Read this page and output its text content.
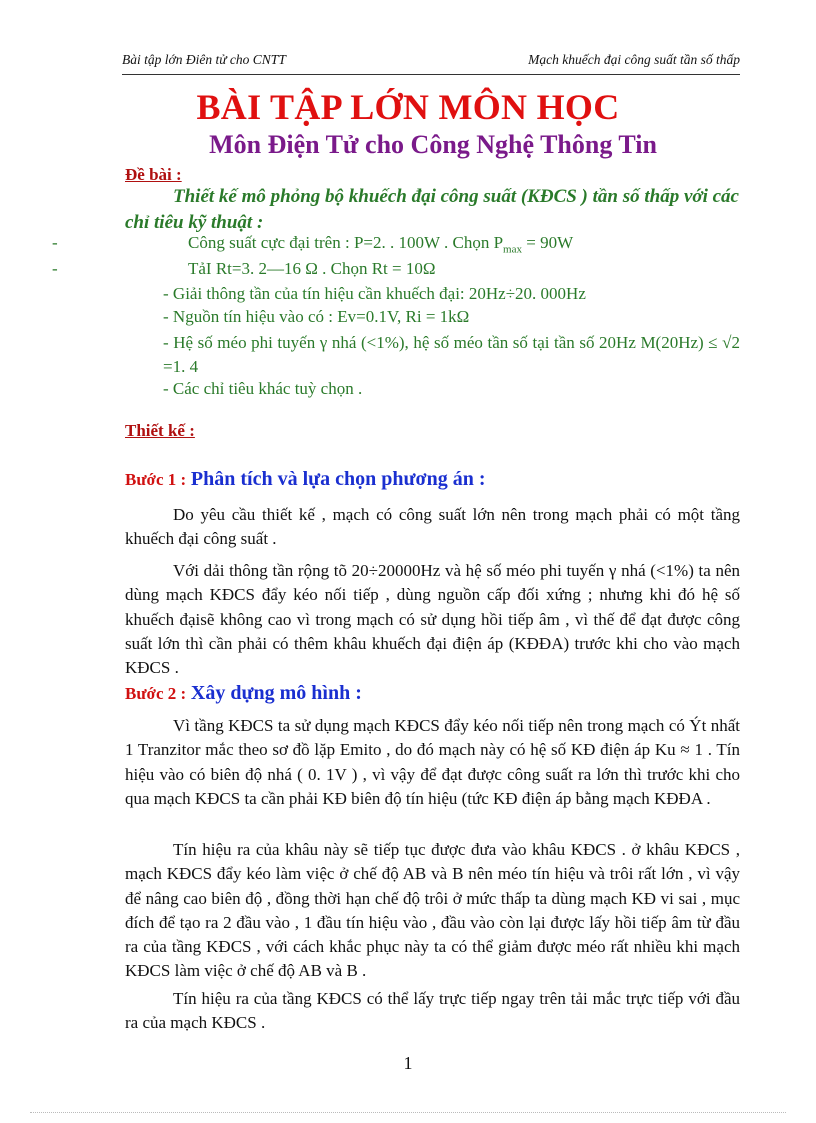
Bài tập lớn Điên tử cho CNTT	Mạch khuếch đại công suất tần số thấp
BÀI TẬP LỚN MÔN HỌC
Môn Điện Tử cho Công Nghệ Thông Tin
Đề bài :
Thiết kế mô phỏng bộ khuếch đại công suất (KĐCS ) tần số thấp với các chỉ tiêu kỹ thuật :
-	Công suất cực đại trên : P=2. . 100W . Chọn $P_{max} = 90W$
-	TảI Rt=3. 2—16 Ω . Chọn Rt = 10Ω
- Giải thông tần của tín hiệu cần khuếch đại: 20Hz÷20. 000Hz
- Nguồn tín hiệu vào có : Ev=0.1V, Ri = 1kΩ
- Hệ số méo phi tuyến γ nhá (<1%), hệ số méo tần số tại tần số 20Hz M(20Hz) ≤ √2 =1. 4
- Các chỉ tiêu khác tuỳ chọn .
Thiết kế :
Bước 1 : Phân tích và lựa chọn phương án :
Do yêu cầu thiết kế , mạch có công suất lớn nên trong mạch phải có một tầng khuếch đại công suất .
Với dải thông tần rộng tõ 20÷20000Hz và hệ số méo phi tuyến γ nhá (<1%) ta nên dùng mạch KĐCS đẩy kéo nối tiếp , dùng nguồn cấp đối xứng ; nhưng khi đó hệ số khuếch đạisẽ không cao vì trong mạch có sử dụng hồi tiếp âm , vì thế để đạt được công suất lớn thì cần phải có thêm khâu khuếch đại điện áp (KĐĐA) trước khi cho vào mạch KĐCS .
Bước 2 : Xây dựng mô hình :
Vì tầng KĐCS ta sử dụng mạch KĐCS đẩy kéo nối tiếp nên trong mạch có Ýt nhất 1 Tranzitor mắc theo sơ đồ lặp Emito , do đó mạch này có hệ số KĐ điện áp Ku ≈ 1 . Tín hiệu vào có biên độ nhá ( 0. 1V ) , vì vậy để đạt được công suất ra lớn thì trước khi cho qua mạch KĐCS ta cần phải KĐ biên độ tín hiệu (tức KĐ điện áp bằng mạch KĐĐA .
Tín hiệu ra của khâu này sẽ tiếp tục được đưa vào khâu KĐCS . ở khâu KĐCS , mạch KĐCS đẩy kéo làm việc ở chế độ AB và B nên méo tín hiệu và trôi rất lớn , vì vậy để nâng cao biên độ , đồng thời hạn chế độ trôi ở mức thấp ta dùng mạch KĐ vi sai , mục đích để tạo ra 2 đầu vào , 1 đầu tín hiệu vào , đầu vào còn lại được lấy hồi tiếp âm từ đầu ra của tầng KĐCS , với cách khắc phục này ta có thể giảm được méo rất nhiều khi mạch KĐCS làm việc ở chế độ AB và B .
Tín hiệu ra của tầng KĐCS có thể lấy trực tiếp ngay trên tải mắc trực tiếp với đầu ra của mạch KĐCS .
1
